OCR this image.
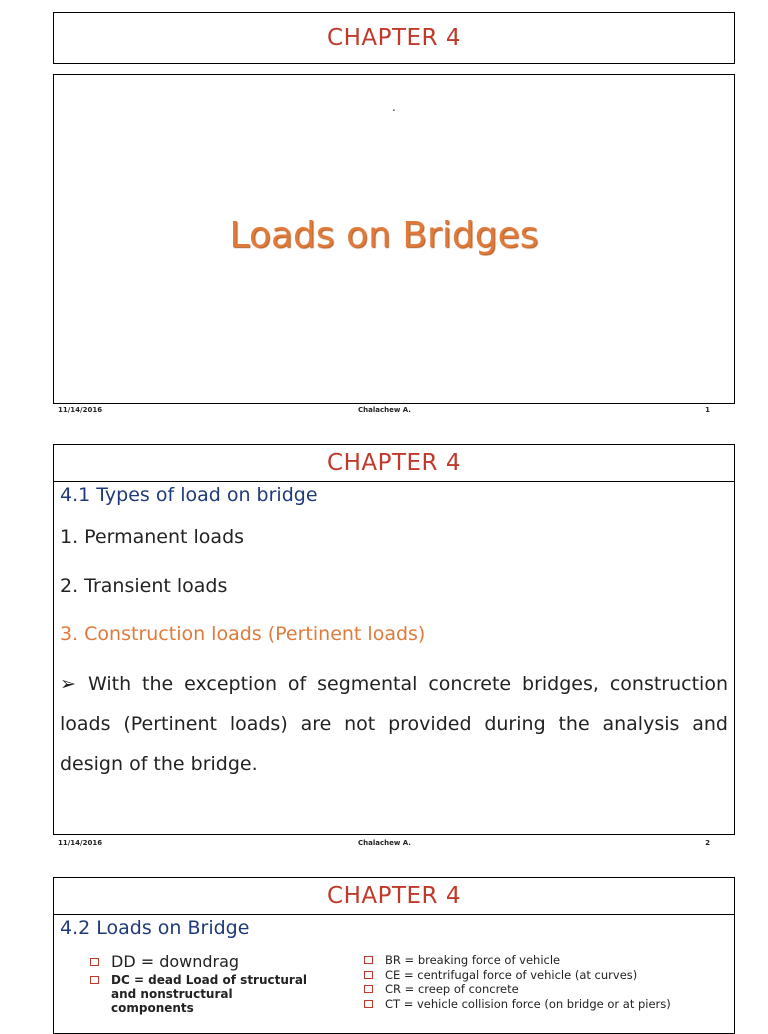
CHAPTER 4
.
Loads on Bridges
11/14/2016	Chalachew A.	1
CHAPTER 4
4.1 Types of load on bridge
1. Permanent loads
2. Transient loads
3. Construction loads (Pertinent loads)
➢ With the exception of segmental concrete bridges, construction loads (Pertinent loads) are not provided during the analysis and design of the bridge.
11/14/2016	Chalachew A.	2
CHAPTER 4
4.2 Loads on Bridge
DD = downdrag
DC = dead Load of structural and nonstructural components
BR = breaking force of vehicle
CE = centrifugal force of vehicle (at curves)
CR = creep of concrete
CT = vehicle collision force (on bridge or at piers)
